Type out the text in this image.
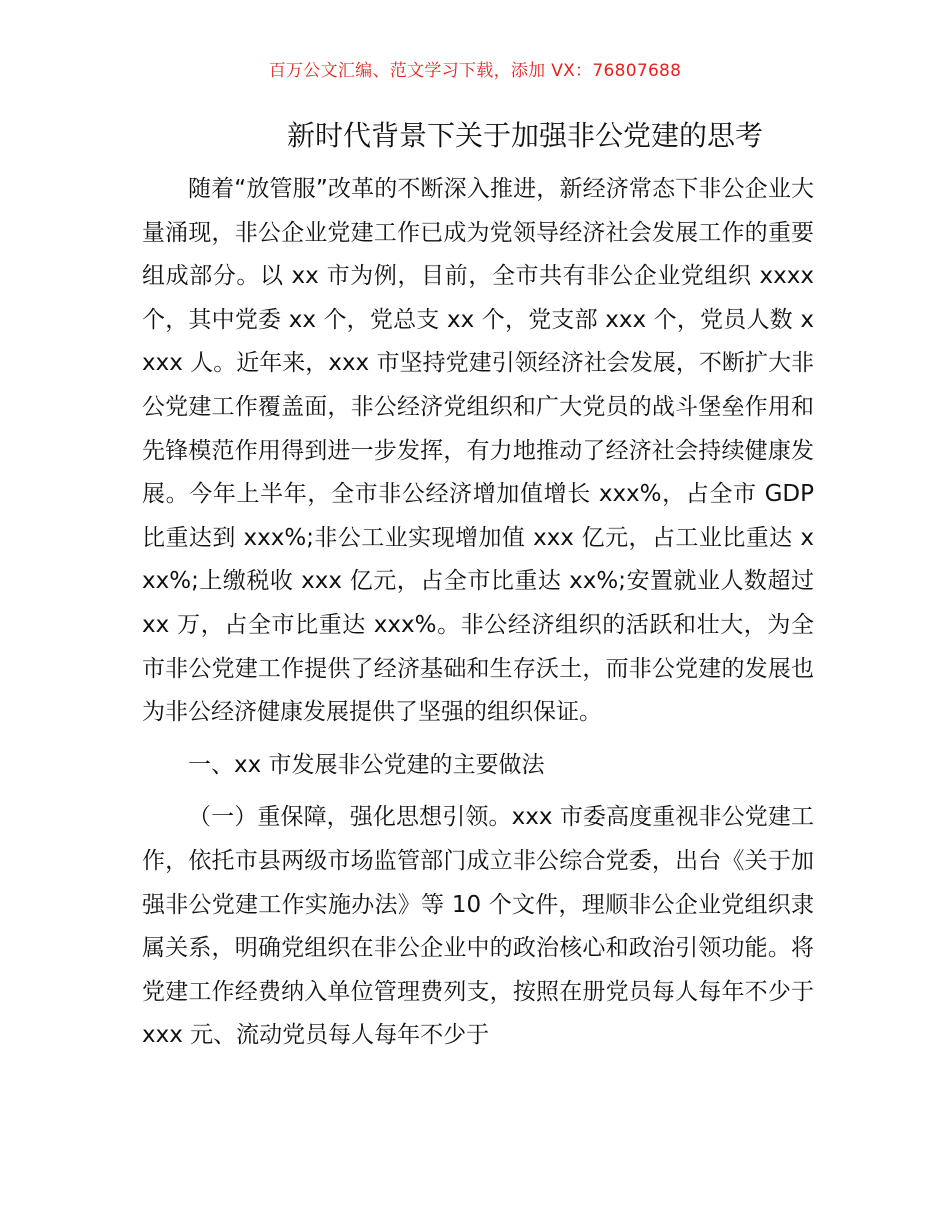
百万公文汇编、范文学习下载，添加 VX：76807688
新时代背景下关于加强非公党建的思考

随着“放管服”改革的不断深入推进，新经济常态下非公企业大量涌现，非公企业党建工作已成为党领导经济社会发展工作的重要组成部分。以 xx 市为例，目前，全市共有非公企业党组织 xxxx 个，其中党委 xx 个，党总支 xx 个，党支部 xxx 个，党员人数 xxxx 人。近年来，xxx 市坚持党建引领经济社会发展，不断扩大非公党建工作覆盖面，非公经济党组织和广大党员的战斗堡垒作用和先锋模范作用得到进一步发挥，有力地推动了经济社会持续健康发展。今年上半年，全市非公经济增加值增长 xxx%，占全市 GDP 比重达到 xxx%;非公工业实现增加值 xxx 亿元，占工业比重达 xxx%;上缴税收 xxx 亿元，占全市比重达 xx%;安置就业人数超过 xx 万，占全市比重达 xxx%。非公经济组织的活跃和壮大，为全市非公党建工作提供了经济基础和生存沃土，而非公党建的发展也为非公经济健康发展提供了坚强的组织保证。

一、xx 市发展非公党建的主要做法

（一）重保障，强化思想引领。xxx 市委高度重视非公党建工作，依托市县两级市场监管部门成立非公综合党委，出台《关于加强非公党建工作实施办法》等 10 个文件，理顺非公企业党组织隶属关系，明确党组织在非公企业中的政治核心和政治引领功能。将党建工作经费纳入单位管理费列支，按照在册党员每人每年不少于 xxx 元、流动党员每人每年不少于
